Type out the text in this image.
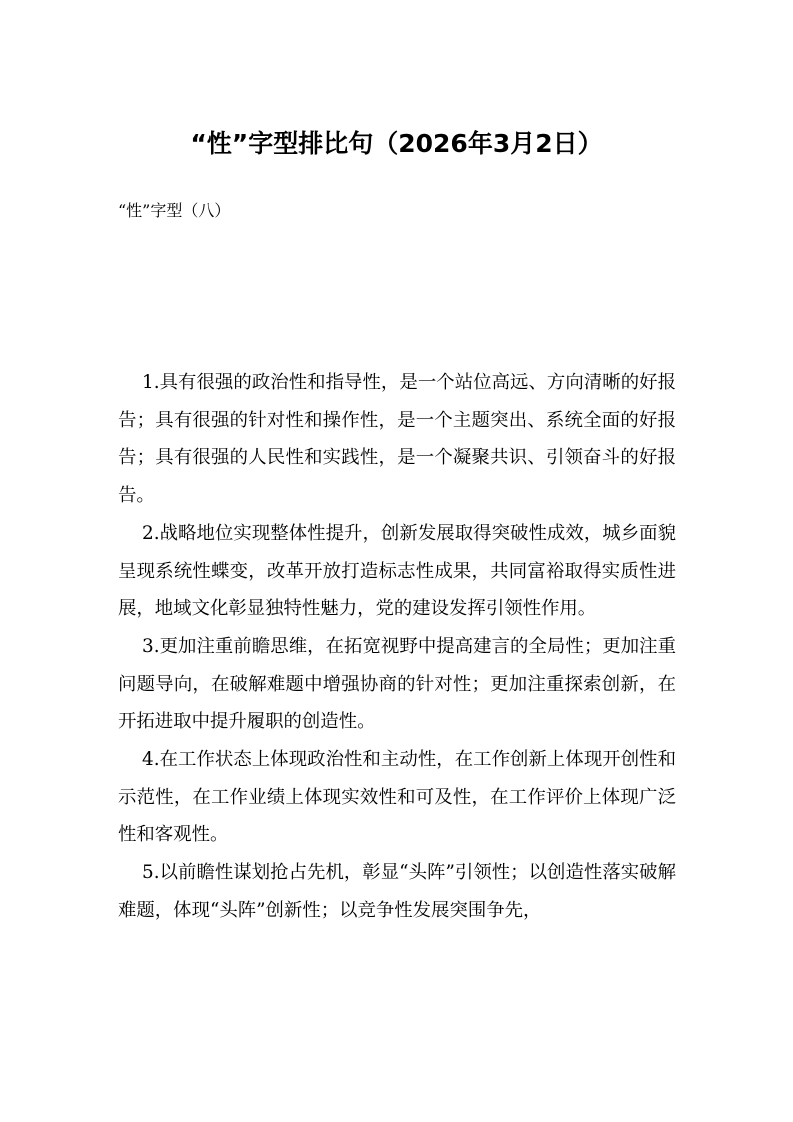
“性”字型排比句（2026年3月2日）
“性”字型（八）

1.具有很强的政治性和指导性，是一个站位高远、方向清晰的好报告；具有很强的针对性和操作性，是一个主题突出、系统全面的好报告；具有很强的人民性和实践性，是一个凝聚共识、引领奋斗的好报告。

2.战略地位实现整体性提升，创新发展取得突破性成效，城乡面貌呈现系统性蝶变，改革开放打造标志性成果，共同富裕取得实质性进展，地域文化彰显独特性魅力，党的建设发挥引领性作用。

3.更加注重前瞻思维，在拓宽视野中提高建言的全局性；更加注重问题导向，在破解难题中增强协商的针对性；更加注重探索创新，在开拓进取中提升履职的创造性。

4.在工作状态上体现政治性和主动性，在工作创新上体现开创性和示范性，在工作业绩上体现实效性和可及性，在工作评价上体现广泛性和客观性。

5.以前瞻性谋划抢占先机，彰显“头阵”引领性；以创造性落实破解难题，体现“头阵”创新性；以竞争性发展突围争先，
